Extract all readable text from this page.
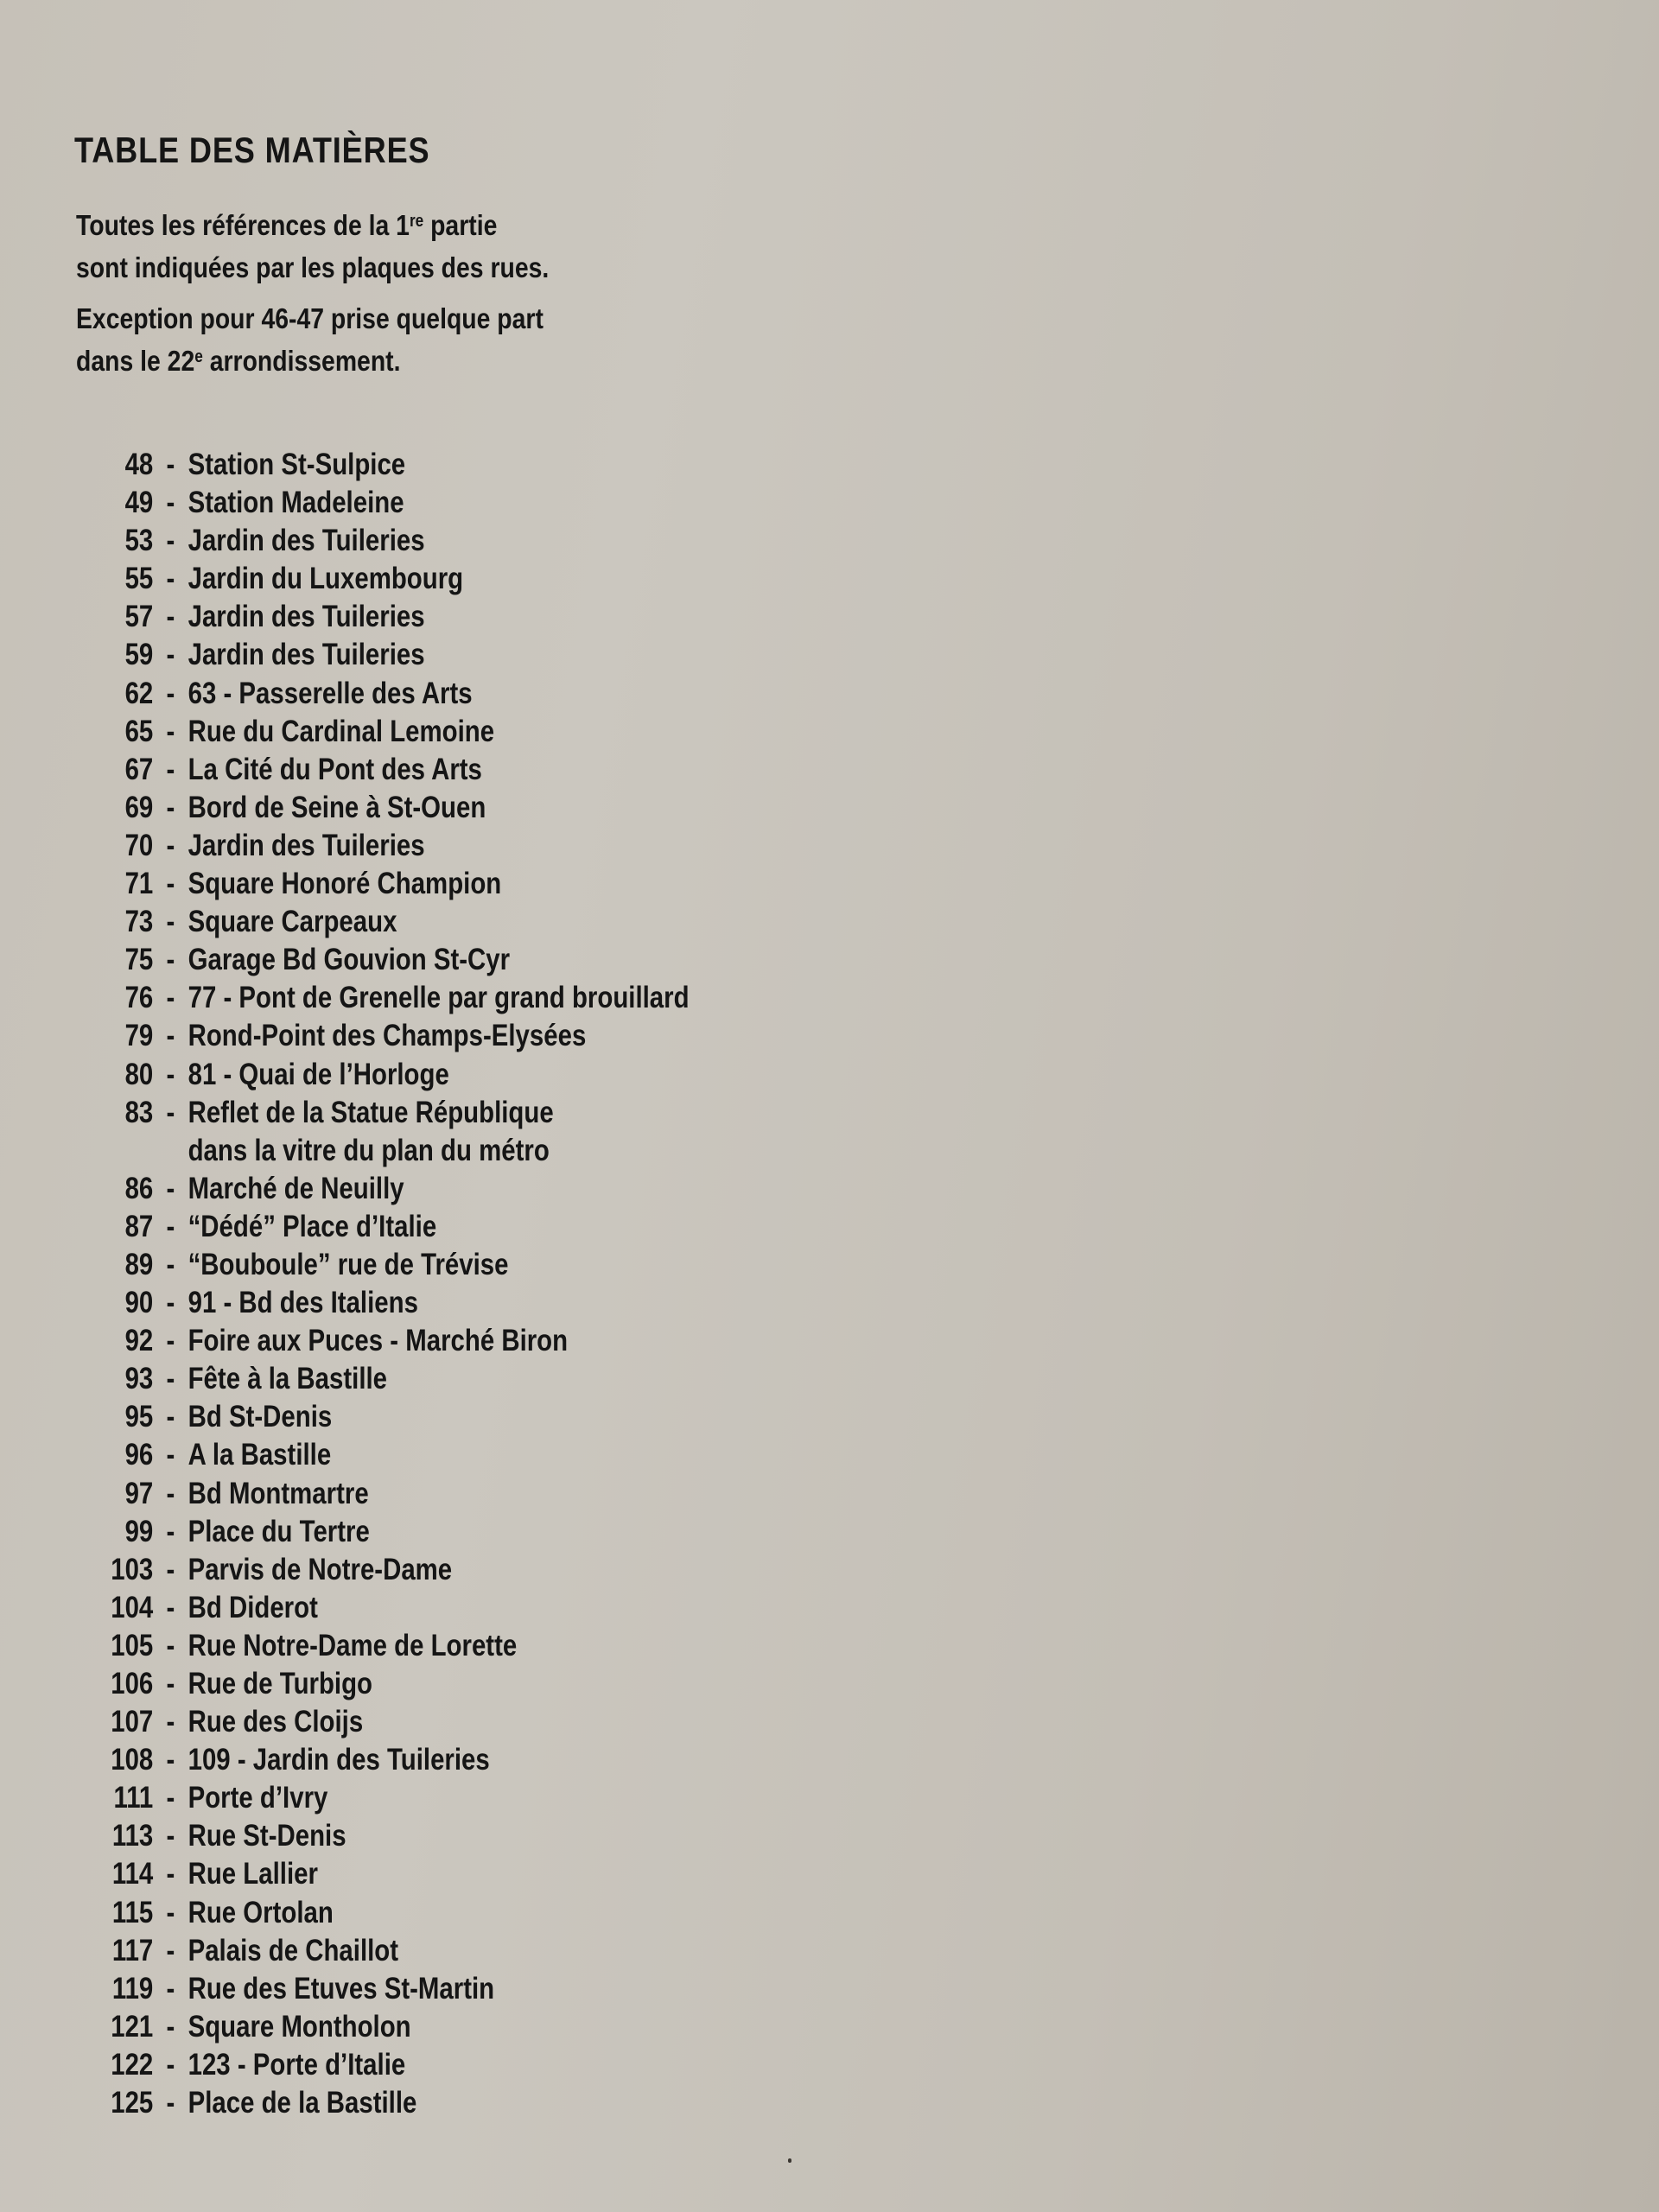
TABLE DES MATIÈRES

Toutes les références de la 1re partie

sont indiquées par les plaques des rues.

Exception pour 46-47 prise quelque part

dans le 22e arrondissement.

48 - Station St-Sulpice
49 - Station Madeleine
53 - Jardin des Tuileries
55 - Jardin du Luxembourg
57 - Jardin des Tuileries
59 - Jardin des Tuileries
62 - 63 - Passerelle des Arts
65 - Rue du Cardinal Lemoine
67 - La Cité du Pont des Arts
69 - Bord de Seine à St-Ouen
70 - Jardin des Tuileries
71 - Square Honoré Champion
73 - Square Carpeaux
75 - Garage Bd Gouvion St-Cyr
76 - 77 - Pont de Grenelle par grand brouillard
79 - Rond-Point des Champs-Elysées
80 - 81 - Quai de l’Horloge
83 - Reflet de la Statue République
dans la vitre du plan du métro
86 - Marché de Neuilly
87 - “Dédé” Place d’Italie
89 - “Bouboule” rue de Trévise
90 - 91 - Bd des Italiens
92 - Foire aux Puces - Marché Biron
93 - Fête à la Bastille
95 - Bd St-Denis
96 - A la Bastille
97 - Bd Montmartre
99 - Place du Tertre
103 - Parvis de Notre-Dame
104 - Bd Diderot
105 - Rue Notre-Dame de Lorette
106 - Rue de Turbigo
107 - Rue des Cloijs
108 - 109 - Jardin des Tuileries
111 - Porte d’Ivry
113 - Rue St-Denis
114 - Rue Lallier
115 - Rue Ortolan
117 - Palais de Chaillot
119 - Rue des Etuves St-Martin
121 - Square Montholon
122 - 123 - Porte d’Italie
125 - Place de la Bastille
